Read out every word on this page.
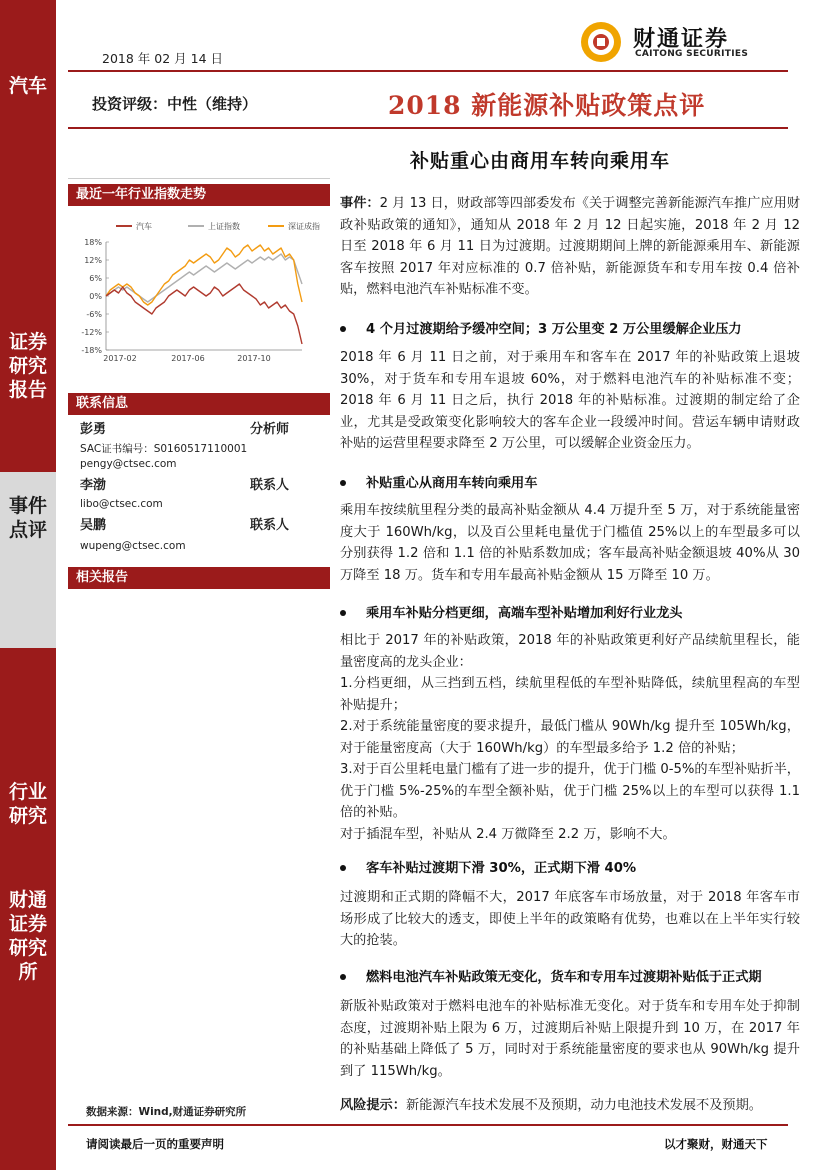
汽车
证券研究报告
事件点评
行业研究
财通证券研究所
2018 年 02 月 14 日
财通证券
CAITONG SECURITIES
投资评级：中性（维持）	2018 新能源补贴政策点评
补贴重心由商用车转向乘用车
最近一年行业指数走势
汽车	上证指数	深证成指
18%
12%
6%
0%
-6%
-12%
-18%
2017-02	2017-06	2017-10
联系信息
彭勇	分析师
SAC证书编号：S0160517110001
pengy@ctsec.com
李渤	联系人
libo@ctsec.com
吴鹏	联系人
wupeng@ctsec.com
相关报告
数据来源：Wind,财通证券研究所
事件：2 月 13 日，财政部等四部委发布《关于调整完善新能源汽车推广应用财政补贴政策的通知》，通知从 2018 年 2 月 12 日起实施，2018 年 2 月 12 日至 2018 年 6 月 11 日为过渡期。过渡期期间上牌的新能源乘用车、新能源客车按照 2017 年对应标准的 0.7 倍补贴，新能源货车和专用车按 0.4 倍补贴，燃料电池汽车补贴标准不变。
4 个月过渡期给予缓冲空间；3 万公里变 2 万公里缓解企业压力
2018 年 6 月 11 日之前，对于乘用车和客车在 2017 年的补贴政策上退坡 30%，对于货车和专用车退坡 60%，对于燃料电池汽车的补贴标准不变；2018 年 6 月 11 日之后，执行 2018 年的补贴标准。过渡期的制定给了企业，尤其是受政策变化影响较大的客车企业一段缓冲时间。营运车辆申请财政补贴的运营里程要求降至 2 万公里，可以缓解企业资金压力。
补贴重心从商用车转向乘用车
乘用车按续航里程分类的最高补贴金额从 4.4 万提升至 5 万，对于系统能量密度大于 160Wh/kg，以及百公里耗电量优于门槛值 25%以上的车型最多可以分别获得 1.2 倍和 1.1 倍的补贴系数加成；客车最高补贴金额退坡 40%从 30 万降至 18 万。货车和专用车最高补贴金额从 15 万降至 10 万。
乘用车补贴分档更细，高端车型补贴增加利好行业龙头
相比于 2017 年的补贴政策，2018 年的补贴政策更利好产品续航里程长，能量密度高的龙头企业：
1.分档更细，从三挡到五档，续航里程低的车型补贴降低，续航里程高的车型补贴提升；
2.对于系统能量密度的要求提升，最低门槛从 90Wh/kg 提升至 105Wh/kg，对于能量密度高（大于 160Wh/kg）的车型最多给予 1.2 倍的补贴；
3.对于百公里耗电量门槛有了进一步的提升，优于门槛 0-5%的车型补贴折半，优于门槛 5%-25%的车型全额补贴，优于门槛 25%以上的车型可以获得 1.1 倍的补贴。
对于插混车型，补贴从 2.4 万微降至 2.2 万，影响不大。
客车补贴过渡期下滑 30%，正式期下滑 40%
过渡期和正式期的降幅不大，2017 年底客车市场放量，对于 2018 年客车市场形成了比较大的透支，即使上半年的政策略有优势，也难以在上半年实行较大的抢装。
燃料电池汽车补贴政策无变化，货车和专用车过渡期补贴低于正式期
新版补贴政策对于燃料电池车的补贴标准无变化。对于货车和专用车处于抑制态度，过渡期补贴上限为 6 万，过渡期后补贴上限提升到 10 万，在 2017 年的补贴基础上降低了 5 万，同时对于系统能量密度的要求也从 90Wh/kg 提升到了 115Wh/kg。
风险提示：新能源汽车技术发展不及预期，动力电池技术发展不及预期。
请阅读最后一页的重要声明	以才聚财，财通天下
